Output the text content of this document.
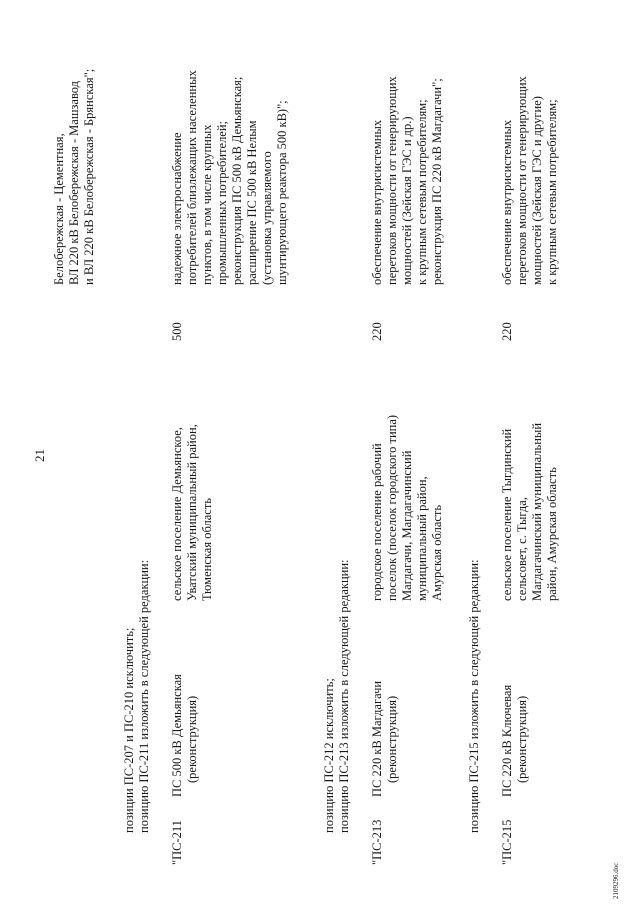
21
Белобережская - Цементная, ВЛ 220 кВ Белобережская - Машзавод и ВЛ 220 кВ Белобережская - Брянская";
позиции ПС-207 и ПС-210 исключить; позицию ПС-211 изложить в следующей редакции:
"ПС-211
ПС 500 кВ Демьянская (реконструкция)
сельское поселение Демьянское, Уватский муниципальный район, Тюменская область
500
надежное электроснабжение потребителей близлежащих населенных пунктов, в том числе крупных промышленных потребителей; реконструкция ПС 500 кВ Демьянская; расширение ПС 500 кВ Нелым (установка управляемого шунтирующего реактора 500 кВ)";
позицию ПС-212 исключить; позицию ПС-213 изложить в следующей редакции:
"ПС-213
ПС 220 кВ Магдагачи (реконструкция)
городское поселение рабочий поселок (поселок городского типа) Магдагачи, Магдагачинский муниципальный район, Амурская область
220
обеспечение внутрисистемных перетоков мощности от генерирующих мощностей (Зейская ГЭС и др.) к крупным сетевым потребителям; реконструкция ПС 220 кВ Магдагачи";
позицию ПС-215 изложить в следующей редакции:
"ПС-215
ПС 220 кВ Ключевая (реконструкция)
сельское поселение Тыгдинский сельсовет, с. Тыгда, Магдагачинский муниципальный район, Амурская область
220
обеспечение внутрисистемных перетоков мощности от генерирующих мощностей (Зейская ГЭС и другие) к крупным сетевым потребителям;
2109296.doc
